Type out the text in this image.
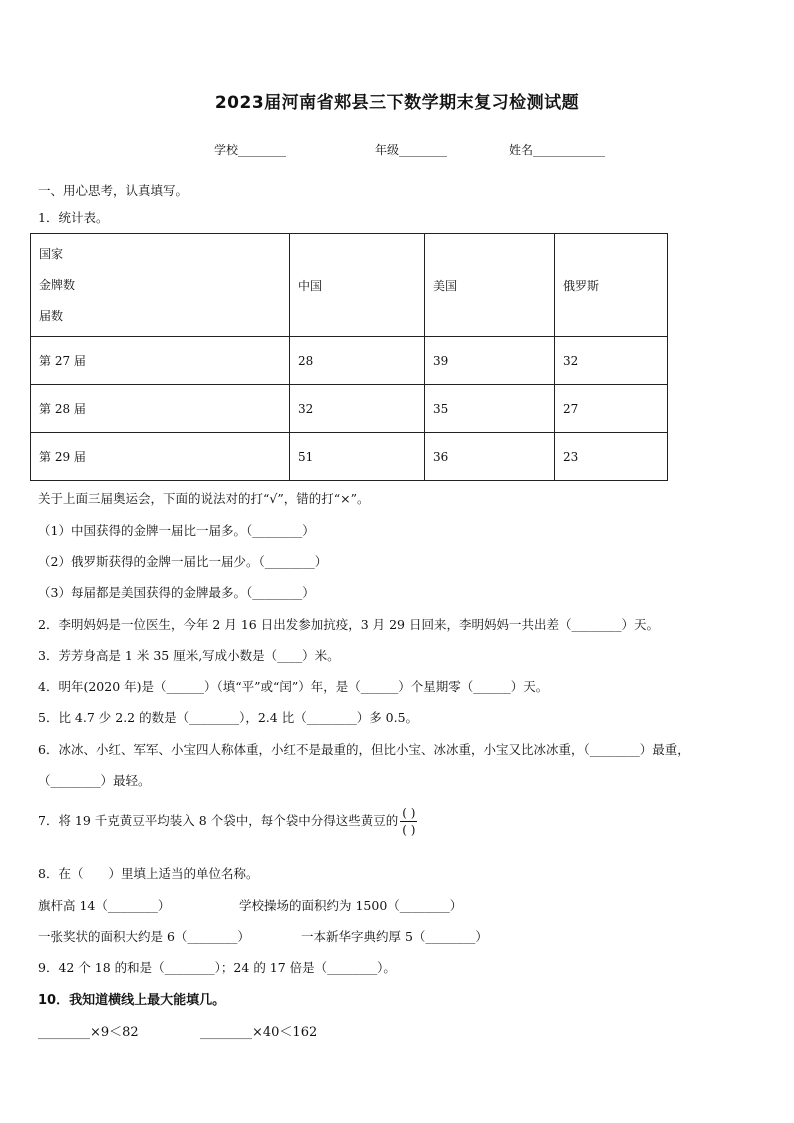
2023届河南省郏县三下数学期末复习检测试题
学校________	年级________	姓名____________
一、用心思考，认真填写。
1．统计表。
国家
金牌数
届数	中国	美国	俄罗斯
第 27 届	28	39	32
第 28 届	32	35	27
第 29 届	51	36	23
关于上面三届奥运会，下面的说法对的打“√”，错的打“×”。
（1）中国获得的金牌一届比一届多。（________）
（2）俄罗斯获得的金牌一届比一届少。（________）
（3）每届都是美国获得的金牌最多。（________）
2．李明妈妈是一位医生，今年 2 月 16 日出发参加抗疫，3 月 29 日回来，李明妈妈一共出差（________）天。
3．芳芳身高是 1 米 35 厘米,写成小数是（____）米。
4．明年(2020 年)是（______）（填“平”或“闰”）年，是（______）个星期零（______）天。
5．比 4.7 少 2.2 的数是（________），2.4 比（________）多 0.5。
6．冰冰、小红、军军、小宝四人称体重，小红不是最重的，但比小宝、冰冰重，小宝又比冰冰重，（________）最重，
（________）最轻。
7．将 19 千克黄豆平均装入 8 个袋中，每个袋中分得这些黄豆的 $\frac{( )}{( )}$
8．在（　　）里填上适当的单位名称。
旗杆高 14（________）	学校操场的面积约为 1500（________）
一张奖状的面积大约是 6（________）	一本新华字典约厚 5（________）
9．42 个 18 的和是（________）；24 的 17 倍是（________）。
10．我知道横线上最大能填几。
________×9＜82	________×40＜162
